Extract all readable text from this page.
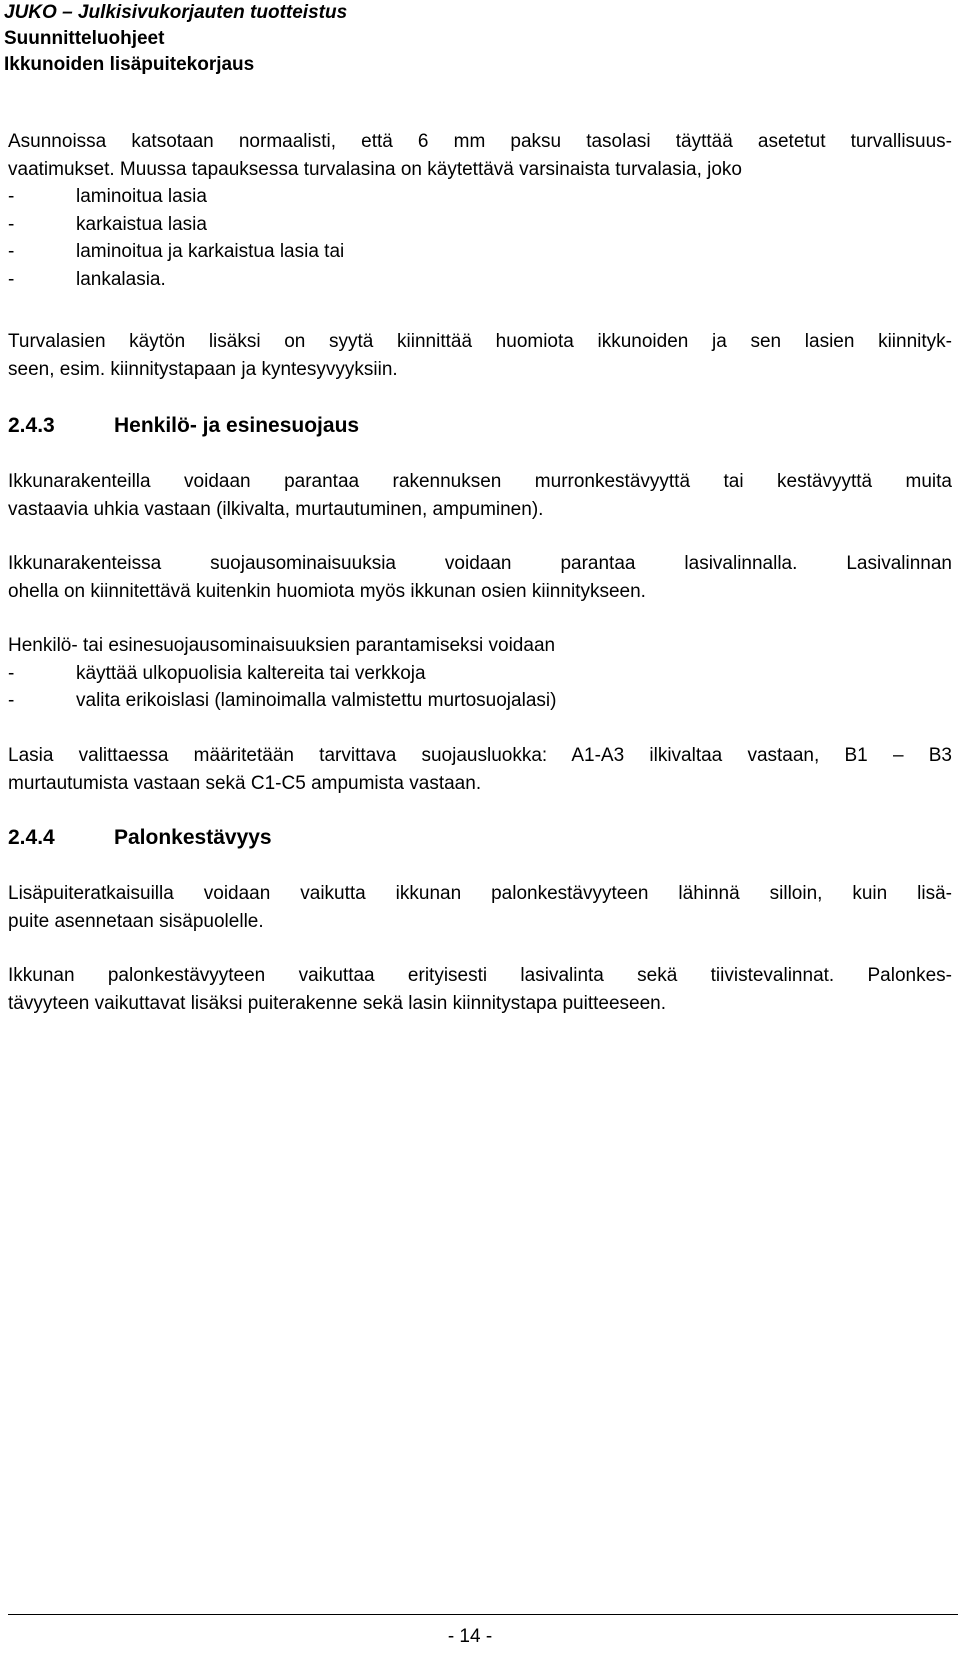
JUKO – Julkisivukorjauten tuotteistus
Suunnitteluohjeet
Ikkunoiden lisäpuitekorjaus
Asunnoissa katsotaan normaalisti, että 6 mm paksu tasolasi täyttää asetetut turvallisuus-
vaatimukset. Muussa tapauksessa turvalasina on käytettävä varsinaista turvalasia, joko
-	laminoitua lasia
-	karkaistua lasia
-	laminoitua ja karkaistua lasia tai
-	lankalasia.
Turvalasien käytön lisäksi on syytä kiinnittää huomiota ikkunoiden ja sen lasien kiinnityk-
seen, esim. kiinnitystapaan ja kyntesyvyyksiin.
2.4.3	Henkilö- ja esinesuojaus
Ikkunarakenteilla voidaan parantaa rakennuksen murronkestävyyttä tai kestävyyttä muita
vastaavia uhkia vastaan (ilkivalta, murtautuminen, ampuminen).
Ikkunarakenteissa suojausominaisuuksia voidaan parantaa lasivalinnalla. Lasivalinnan
ohella on kiinnitettävä kuitenkin huomiota myös ikkunan osien kiinnitykseen.
Henkilö- tai esinesuojausominaisuuksien parantamiseksi voidaan
-	käyttää ulkopuolisia kaltereita tai verkkoja
-	valita erikoislasi (laminoimalla valmistettu murtosuojalasi)
Lasia valittaessa määritetään tarvittava suojausluokka: A1-A3 ilkivaltaa vastaan, B1 – B3
murtautumista vastaan sekä C1-C5 ampumista vastaan.
2.4.4	Palonkestävyys
Lisäpuiteratkaisuilla voidaan vaikutta ikkunan palonkestävyyteen lähinnä silloin, kuin lisä-
puite asennetaan sisäpuolelle.
Ikkunan palonkestävyyteen vaikuttaa erityisesti lasivalinta sekä tiivistevalinnat. Palonkes-
tävyyteen vaikuttavat lisäksi puiterakenne sekä lasin kiinnitystapa puitteeseen.
- 14 -
